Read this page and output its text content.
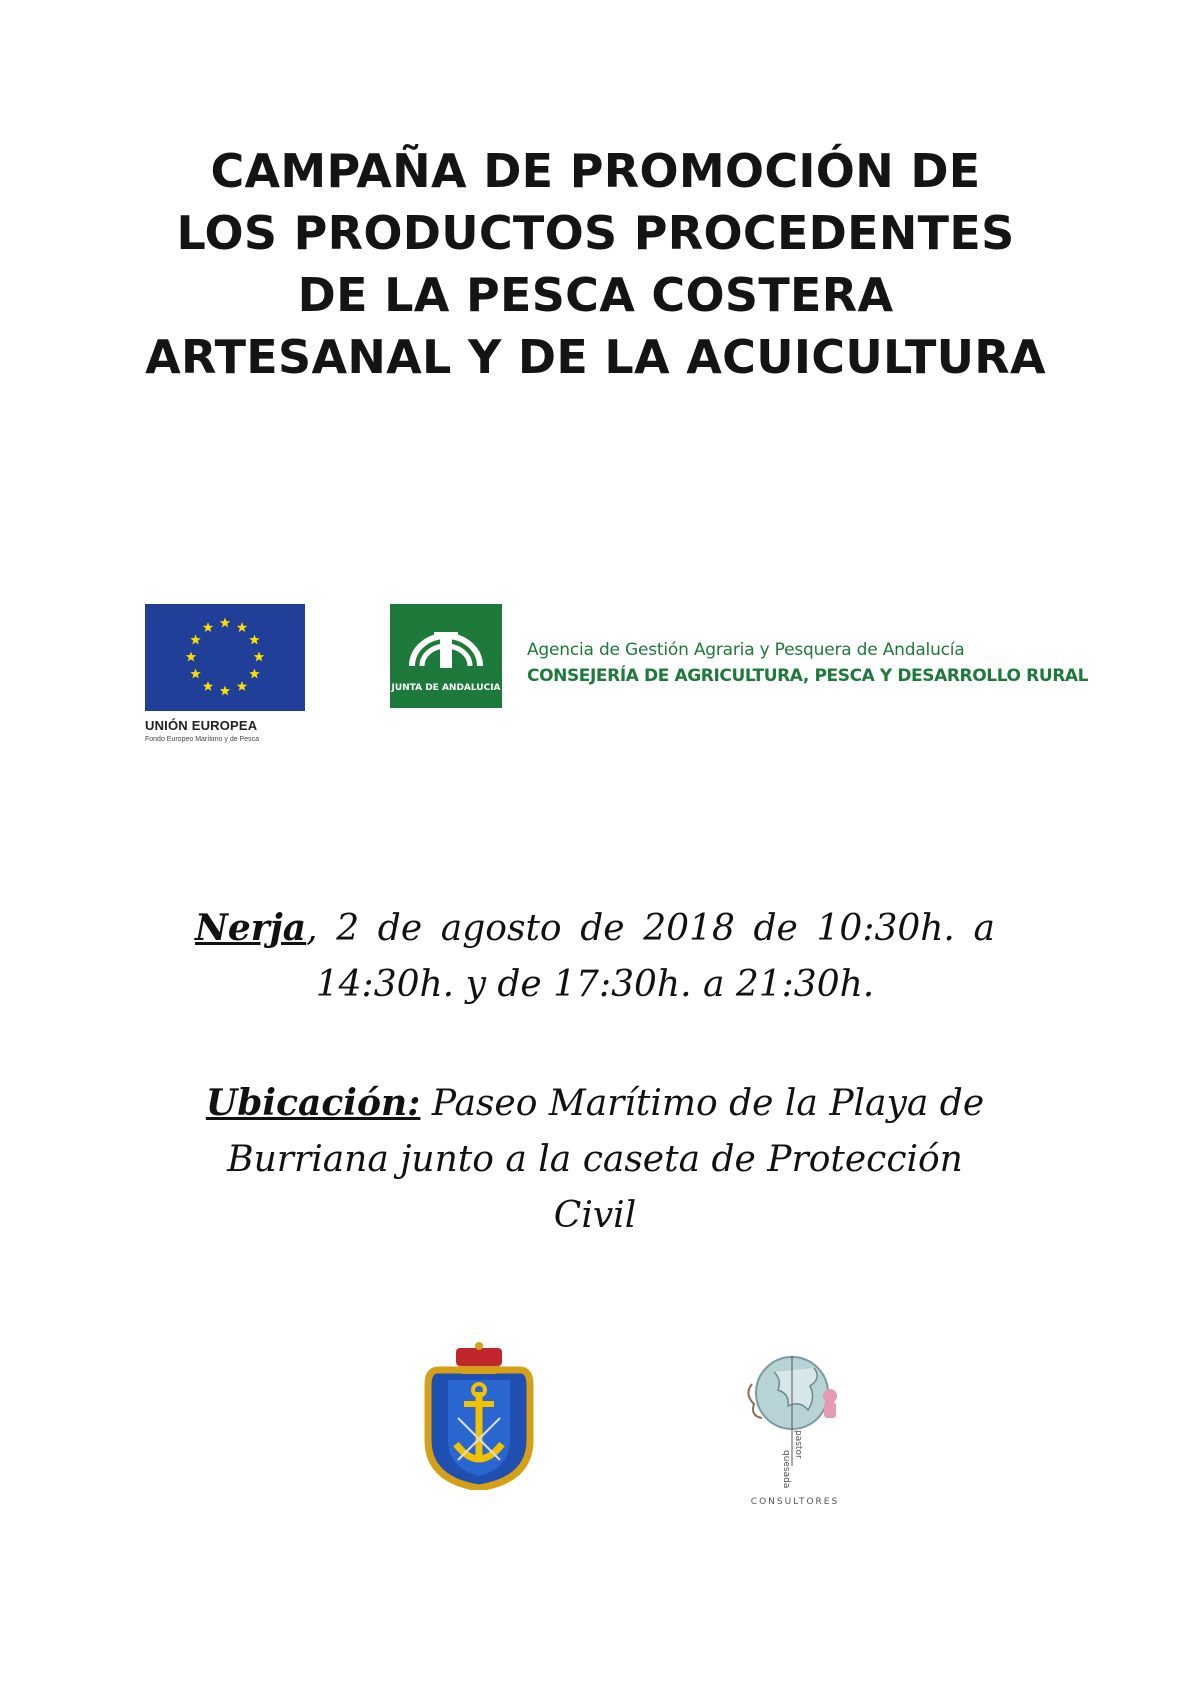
CAMPAÑA DE PROMOCIÓN DE
LOS PRODUCTOS PROCEDENTES
DE LA PESCA COSTERA
ARTESANAL Y DE LA ACUICULTURA
UNIÓN EUROPEA
Fondo Europeo Marítimo y de Pesca
JUNTA DE ANDALUCIA
Agencia de Gestión Agraria y Pesquera de Andalucía
CONSEJERÍA DE AGRICULTURA, PESCA Y DESARROLLO RURAL
Nerja, 2 de agosto de 2018 de 10:30h. a 14:30h. y de 17:30h. a 21:30h.
Ubicación: Paseo Marítimo de la Playa de Burriana junto a la caseta de Protección Civil
quesada
pastor
CONSULTORES
